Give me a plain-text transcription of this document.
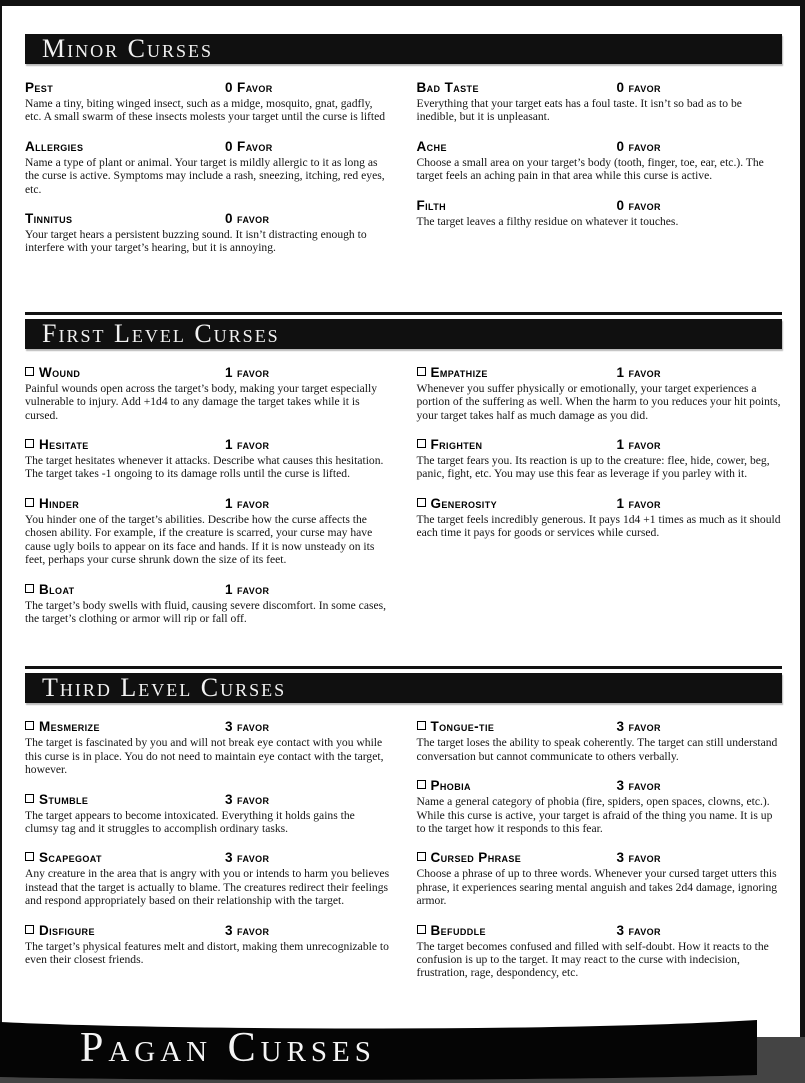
Minor Curses
Pest	0 Favor

Name a tiny, biting winged insect, such as a midge, mosquito, gnat, gadfly, etc. A small swarm of these insects molests your target until the curse is lifted

Allergies	0 Favor

Name a type of plant or animal. Your target is mildly allergic to it as long as the curse is active. Symptoms may include a rash, sneezing, itching, red eyes, etc.

Tinnitus	0 favor

Your target hears a persistent buzzing sound. It isn’t distracting enough to interfere with your target’s hearing, but it is annoying.

Bad Taste	0 favor

Everything that your target eats has a foul taste. It isn’t so bad as to be inedible, but it is unpleasant.

Ache	0 favor

Choose a small area on your target’s body (tooth, finger, toe, ear, etc.). The target feels an aching pain in that area while this curse is active.

Filth	0 favor

The target leaves a filthy residue on whatever it touches.

First Level Curses
Wound	1 favor

Painful wounds open across the target’s body, making your target especially vulnerable to injury. Add +1d4 to any damage the target takes while it is cursed.

Hesitate	1 favor

The target hesitates whenever it attacks. Describe what causes this hesitation. The target takes -1 ongoing to its damage rolls until the curse is lifted.

Hinder	1 favor

You hinder one of the target’s abilities. Describe how the curse affects the chosen ability. For example, if the creature is scarred, your curse may have cause ugly boils to appear on its face and hands. If it is now unsteady on its feet, perhaps your curse shrunk down the size of its feet.

Bloat	1 favor

The target’s body swells with fluid, causing severe discomfort. In some cases, the target’s clothing or armor will rip or fall off.

Empathize	1 favor

Whenever you suffer physically or emotionally, your target experiences a portion of the suffering as well. When the harm to you reduces your hit points, your target takes half as much damage as you did.

Frighten	1 favor

The target fears you. Its reaction is up to the creature: flee, hide, cower, beg, panic, fight, etc. You may use this fear as leverage if you parley with it.

Generosity	1 favor

The target feels incredibly generous. It pays 1d4 +1 times as much as it should each time it pays for goods or services while cursed.

Third Level Curses
Mesmerize	3 favor

The target is fascinated by you and will not break eye contact with you while this curse is in place. You do not need to maintain eye contact with the target, however.

Stumble	3 favor

The target appears to become intoxicated. Everything it holds gains the clumsy tag and it struggles to accomplish ordinary tasks.

Scapegoat	3 favor

Any creature in the area that is angry with you or intends to harm you believes instead that the target is actually to blame. The creatures redirect their feelings and respond appropriately based on their relationship with the target.

Disfigure	3 favor

The target’s physical features melt and distort, making them unrecognizable to even their closest friends.

Tongue-tie	3 favor

The target loses the ability to speak coherently. The target can still understand conversation but cannot communicate to others verbally.

Phobia	3 favor

Name a general category of phobia (fire, spiders, open spaces, clowns, etc.). While this curse is active, your target is afraid of the thing you name. It is up to the target how it responds to this fear.

Cursed Phrase	3 favor

Choose a phrase of up to three words. Whenever your cursed target utters this phrase, it experiences searing mental anguish and takes 2d4 damage, ignoring armor.

Befuddle	3 favor

The target becomes confused and filled with self-doubt. How it reacts to the confusion is up to the target. It may react to the curse with indecision, frustration, rage, despondency, etc.

Pagan Curses
